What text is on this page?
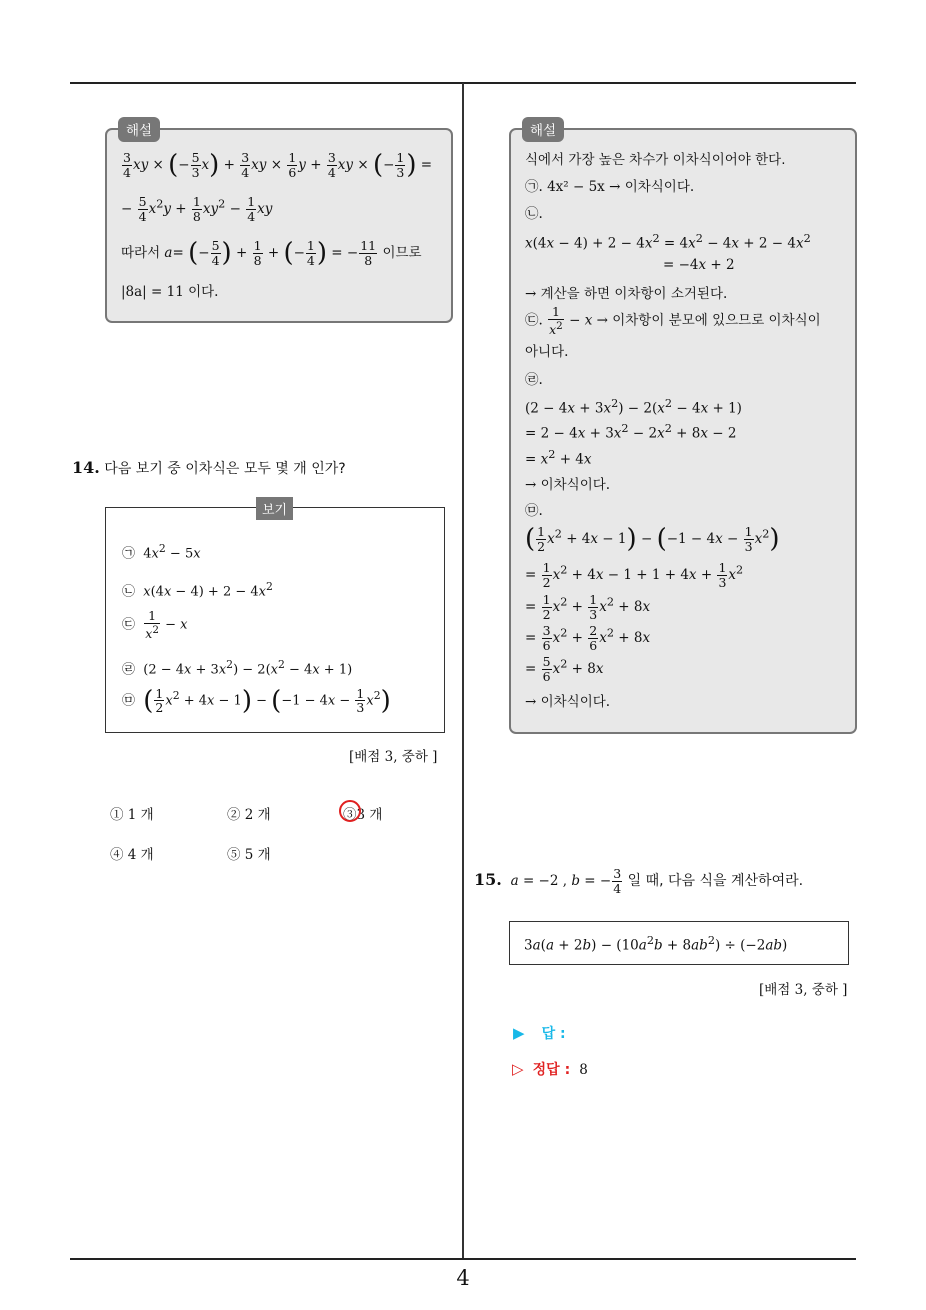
4
$\frac{3}{4}$ xy × (− $\frac{5}{3} x) + \frac{3}{4}$ xy × $\frac{1}{6}$ $y + \frac{3}{4}$ xy × (− $\frac{1}{3}$ ) =
− $\frac{5}{4} x^2y + \frac{1}{8} xy^2 - \frac{1}{4}$ xy
따라서 a= (− $\frac{5}{4}$ ) + $\frac{1}{8}$ + (− $\frac{1}{4}$ ) = − $\frac{11}{8}$ 이므로
|8a| = 11 이다.
해설
14. 다음 보기 중 이차식은 모두 몇 개 인가?
㉠  $4x^2 - 5x$
㉡  $x(4x - 4) + 2 - 4x^2$
㉢ $\frac{1}{x^2} - x$
㉣  $(2 - 4x + 3x^2) - 2(x^2 - 4x + 1)$
㉤  ( $\frac{1}{2} x^2 + 4x - 1) - (-1 - 4x - \frac{1}{3} x^2)$
보기
[배점 3, 중하 ]
① 1 개	② 2 개	③3 개
④ 4 개	⑤ 5 개
식에서 가장 높은 차수가 이차식이어야 한다.
㉠. 4x² − 5x → 이차식이다.
㉡.
$x(4x - 4) + 2 - 4x^2 = 4x^2 - 4x + 2 - 4x^2$
= −4x + 2
→ 계산을 하면 이차항이 소거된다.
㉢. $\frac{1}{x^2} - x$ → 이차항이 분모에 있으므로 이차식이
아니다.
㉣.
$(2 - 4x + 3x^2) - 2(x^2 - 4x + 1)$
= $2 - 4x + 3x^2 - 2x^2 + 8x - 2$
= $x^2 + 4x$
→ 이차식이다.
㉤.
( $\frac{1}{2} x^2 + 4x - 1) - (-1 - 4x - \frac{1}{3} x^2)$
= $\frac{1}{2} x^2 + 4x - 1 + 1 + 4x + \frac{1}{3} x^2$
= $\frac{1}{2} x^2 + \frac{1}{3} x^2 + 8x$
= $\frac{3}{6} x^2 + \frac{2}{6} x^2 + 8x$
= $\frac{5}{6} x^2 + 8x$
→ 이차식이다.
해설
15. a = −2 , b = − $\frac{3}{4}$ 일 때, 다음 식을 계산하여라.
$3a(a + 2b) - (10a^2b + 8ab^2) \div (-2ab)$
[배점 3, 중하 ]
▶ 답 :
▷ 정답 : 8
